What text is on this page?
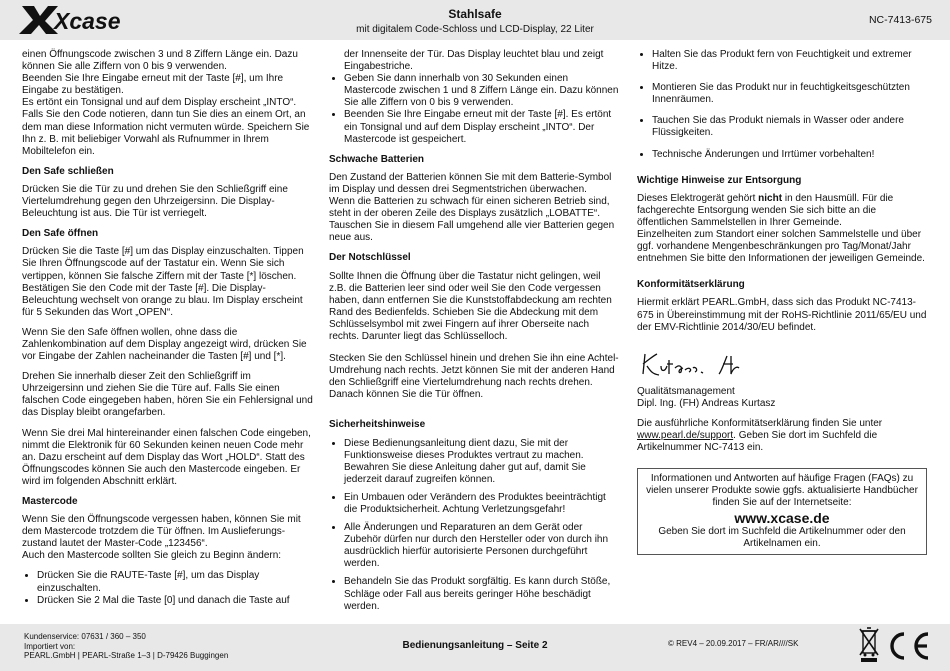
Xcase	Stahlsafe
mit digitalem Code-Schloss und LCD-Display, 22 Liter
NC-7413-675

einen Öffnungscode zwischen 3 und 8 Ziffern Länge ein. Dazu können Sie alle Ziffern von 0 bis 9 verwenden.
Beenden Sie Ihre Eingabe erneut mit der Taste [#], um Ihre Eingabe zu bestätigen.
Es ertönt ein Tonsignal und auf dem Display erscheint „INTO“.
Falls Sie den Code notieren, dann tun Sie dies an einem Ort, an dem man diese Information nicht vermuten würde. Speichern Sie Ihn z. B. mit beliebiger Vorwahl als Rufnummer in Ihrem Mobiltelefon ein.

Den Safe schließen

Drücken Sie die Tür zu und drehen Sie den Schließgriff eine Viertelumdrehung gegen den Uhrzeigersinn. Die Display-Beleuchtung ist aus. Die Tür ist verriegelt.

Den Safe öffnen

Drücken Sie die Taste [#] um das Display einzuschalten. Tippen Sie Ihren Öffnungscode auf der Tastatur ein. Wenn Sie sich vertippen, können Sie falsche Ziffern mit der Taste [*] löschen. Bestätigen Sie den Code mit der Taste [#]. Die Display-Beleuchtung wechselt von orange zu blau. Im Display erscheint für 5 Sekunden das Wort „OPEN“.

Wenn Sie den Safe öffnen wollen, ohne dass die Zahlenkombination auf dem Display angezeigt wird, drücken Sie vor Eingabe der Zahlen nacheinander die Tasten [#] und [*].

Drehen Sie innerhalb dieser Zeit den Schließgriff im Uhrzeigersinn und ziehen Sie die Türe auf. Falls Sie einen falschen Code eingegeben haben, hören Sie ein Fehlersignal und das Display bleibt orangefarben.

Wenn Sie drei Mal hintereinander einen falschen Code eingeben, nimmt die Elektronik für 60 Sekunden keinen neuen Code mehr an. Dazu erscheint auf dem Display das Wort „HOLD“. Statt des Öffnungscodes können Sie auch den Mastercode eingeben. Er wird im folgenden Abschnitt erklärt.

Mastercode

Wenn Sie den Öffnungscode vergessen haben, können Sie mit dem Mastercode trotzdem die Tür öffnen. Im Auslieferungs-zustand lautet der Master-Code „123456“.
Auch den Mastercode sollten Sie gleich zu Beginn ändern:

• Drücken Sie die RAUTE-Taste [#], um das Display einzuschalten.
• Drücken Sie 2 Mal die Taste [0] und danach die Taste auf
der Innenseite der Tür. Das Display leuchtet blau und zeigt Eingabestriche.
• Geben Sie dann innerhalb von 30 Sekunden einen Mastercode zwischen 1 und 8 Ziffern Länge ein. Dazu können Sie alle Ziffern von 0 bis 9 verwenden.
• Beenden Sie Ihre Eingabe erneut mit der Taste [#]. Es ertönt ein Tonsignal und auf dem Display erscheint „INTO“. Der Mastercode ist gespeichert.
Schwache Batterien

Den Zustand der Batterien können Sie mit dem Batterie-Symbol im Display und dessen drei Segmentstrichen überwachen.
Wenn die Batterien zu schwach für einen sicheren Betrieb sind, steht in der oberen Zeile des Displays zusätzlich „LOBATTE“. Tauschen Sie in diesem Fall umgehend alle vier Batterien gegen neue aus.

Der Notschlüssel

Sollte Ihnen die Öffnung über die Tastatur nicht gelingen, weil z.B. die Batterien leer sind oder weil Sie den Code vergessen haben, dann entfernen Sie die Kunststoffabdeckung am rechten Rand des Bedienfelds. Schieben Sie die Abdeckung mit dem Schlüsselsymbol mit zwei Fingern auf ihrer Oberseite nach rechts. Darunter liegt das Schlüsselloch.

Stecken Sie den Schlüssel hinein und drehen Sie ihn eine Achtel-Umdrehung nach rechts. Jetzt können Sie mit der anderen Hand den Schließgriff eine Viertelumdrehung nach rechts drehen. Danach können Sie die Tür öffnen.

Sicherheitshinweise
• Diese Bedienungsanleitung dient dazu, Sie mit der Funktionsweise dieses Produktes vertraut zu machen. Bewahren Sie diese Anleitung daher gut auf, damit Sie jederzeit darauf zugreifen können.
• Ein Umbauen oder Verändern des Produktes beeinträchtigt die Produktsicherheit. Achtung Verletzungsgefahr!
• Alle Änderungen und Reparaturen an dem Gerät oder Zubehör dürfen nur durch den Hersteller oder von durch ihn ausdrücklich hierfür autorisierte Personen durchgeführt werden.
• Behandeln Sie das Produkt sorgfältig. Es kann durch Stöße, Schläge oder Fall aus bereits geringer Höhe beschädigt werden.
• Halten Sie das Produkt fern von Feuchtigkeit und extremer Hitze.
• Montieren Sie das Produkt nur in feuchtigkeitsgeschützten Innenräumen.
• Tauchen Sie das Produkt niemals in Wasser oder andere Flüssigkeiten.
• Technische Änderungen und Irrtümer vorbehalten!
Wichtige Hinweise zur Entsorgung

Dieses Elektrogerät gehört nicht in den Hausmüll. Für die fachgerechte Entsorgung wenden Sie sich bitte an die öffentlichen Sammelstellen in Ihrer Gemeinde.
Einzelheiten zum Standort einer solchen Sammelstelle und über ggf. vorhandene Mengenbeschränkungen pro Tag/Monat/Jahr entnehmen Sie bitte den Informationen der jeweiligen Gemeinde.

Konformitätserklärung

Hiermit erklärt PEARL.GmbH, dass sich das Produkt NC-7413-675 in Übereinstimmung mit der RoHS-Richtlinie 2011/65/EU und der EMV-Richtlinie 2014/30/EU befindet.

Qualitätsmanagement
Dipl. Ing. (FH) Andreas Kurtasz

Die ausführliche Konformitätserklärung finden Sie unter www.pearl.de/support. Geben Sie dort im Suchfeld die Artikelnummer NC-7413 ein.

Informationen und Antworten auf häufige Fragen (FAQs) zu vielen unserer Produkte sowie ggfs. aktualisierte Handbücher finden Sie auf der Internetseite:
www.xcase.de
Geben Sie dort im Suchfeld die Artikelnummer oder den Artikelnamen ein.
Kundenservice: 07631 / 360 – 350
Importiert von:
PEARL.GmbH | PEARL-Straße 1–3 | D-79426 Buggingen
Bedienungsanleitung – Seite 2	© REV4 – 20.09.2017 – FR/AR////SK
